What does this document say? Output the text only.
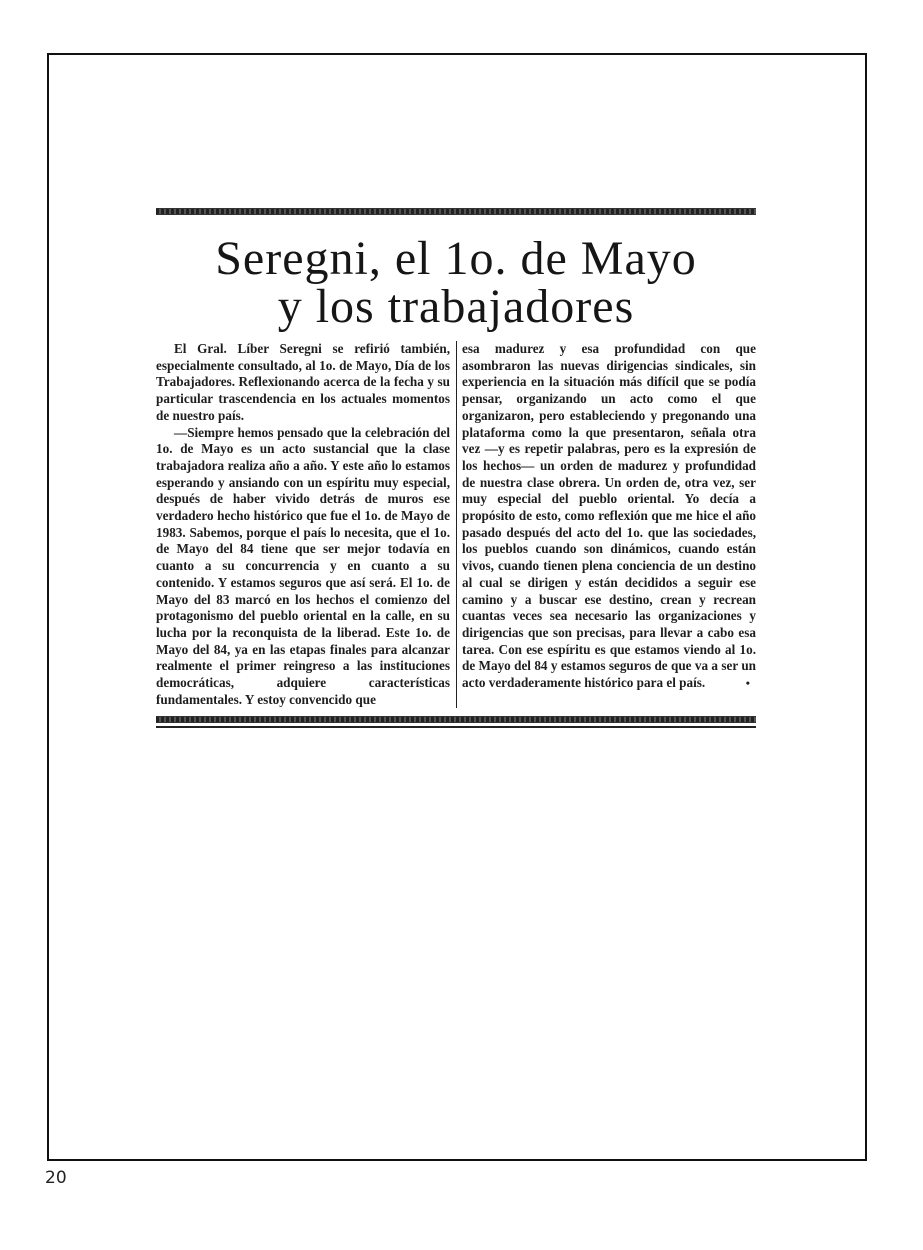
Seregni, el 1o. de Mayo
y los trabajadores

El Gral. Líber Seregni se refirió también, especialmente consultado, al 1o. de Mayo, Día de los Trabajadores. Reflexionando acerca de la fecha y su particular trascendencia en los actuales momentos de nuestro país.

—Siempre hemos pensado que la celebración del 1o. de Mayo es un acto sustancial que la clase trabajadora realiza año a año. Y este año lo estamos esperando y ansiando con un espíritu muy especial, después de haber vivido detrás de muros ese verdadero hecho histórico que fue el 1o. de Mayo de 1983. Sabemos, porque el país lo necesita, que el 1o. de Mayo del 84 tiene que ser mejor todavía en cuanto a su concurrencia y en cuanto a su contenido. Y estamos seguros que así será. El 1o. de Mayo del 83 marcó en los hechos el comienzo del protagonismo del pueblo oriental en la calle, en su lucha por la reconquista de la liberad. Este 1o. de Mayo del 84, ya en las etapas finales para alcanzar realmente el primer reingreso a las instituciones democráticas, adquiere características fundamentales. Y estoy convencido que

esa madurez y esa profundidad con que asombraron las nuevas dirigencias sindicales, sin experiencia en la situación más difícil que se podía pensar, organizando un acto como el que organizaron, pero estableciendo y pregonando una plataforma como la que presentaron, señala otra vez —y es repetir palabras, pero es la expresión de los hechos— un orden de madurez y profundidad de nuestra clase obrera. Un orden de, otra vez, ser muy especial del pueblo oriental. Yo decía a propósito de esto, como reflexión que me hice el año pasado después del acto del 1o. que las sociedades, los pueblos cuando son dinámicos, cuando están vivos, cuando tienen plena conciencia de un destino al cual se dirigen y están decididos a seguir ese camino y a buscar ese destino, crean y recrean cuantas veces sea necesario las organizaciones y dirigencias que son precisas, para llevar a cabo esa tarea. Con ese espíritu es que estamos viendo al 1o. de Mayo del 84 y estamos seguros de que va a ser un acto verdaderamente histórico para el país.	•

20
